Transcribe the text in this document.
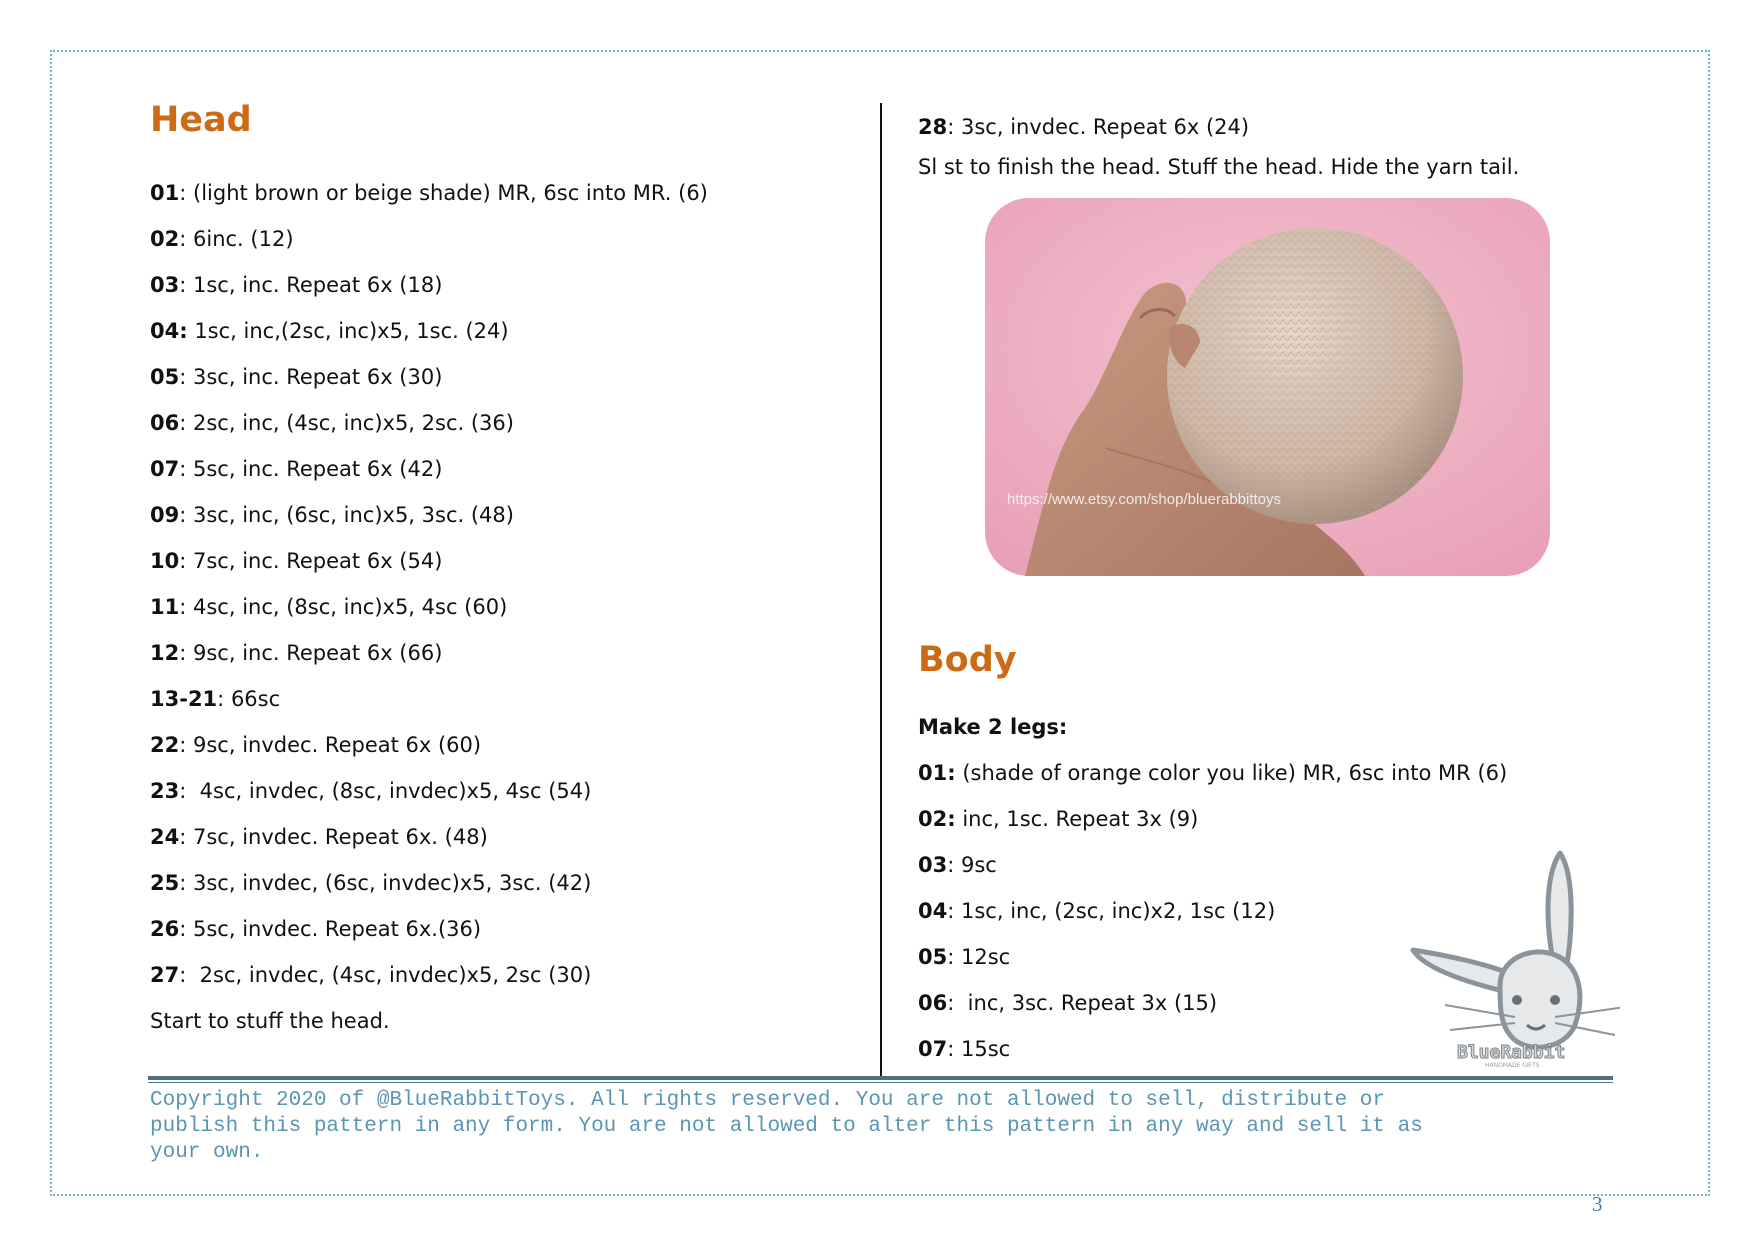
Head
01: (light brown or beige shade) MR, 6sc into MR. (6)
02: 6inc. (12)
03: 1sc, inc. Repeat 6x (18)
04: 1sc, inc,(2sc, inc)x5, 1sc. (24)
05: 3sc, inc. Repeat 6x (30)
06: 2sc, inc, (4sc, inc)x5, 2sc. (36)
07: 5sc, inc. Repeat 6x (42)
09: 3sc, inc, (6sc, inc)x5, 3sc. (48)
10: 7sc, inc. Repeat 6x (54)
11: 4sc, inc, (8sc, inc)x5, 4sc (60)
12: 9sc, inc. Repeat 6x (66)
13-21: 66sc
22: 9sc, invdec. Repeat 6x (60)
23:  4sc, invdec, (8sc, invdec)x5, 4sc (54)
24: 7sc, invdec. Repeat 6x. (48)
25: 3sc, invdec, (6sc, invdec)x5, 3sc. (42)
26: 5sc, invdec. Repeat 6x.(36)
27:  2sc, invdec, (4sc, invdec)x5, 2sc (30)
Start to stuff the head.
28: 3sc, invdec. Repeat 6x (24)
Sl st to finish the head. Stuff the head. Hide the yarn tail.
https://www.etsy.com/shop/bluerabbittoys
Body
Make 2 legs:
01: (shade of orange color you like) MR, 6sc into MR (6)
02: inc, 1sc. Repeat 3x (9)
03: 9sc
04: 1sc, inc, (2sc, inc)x2, 1sc (12)
05: 12sc
06:  inc, 3sc. Repeat 3x (15)
07: 15sc	BlueRabbit
HANDMADE GIFTS
Copyright 2020 of @BlueRabbitToys. All rights reserved. You are not allowed to sell, distribute or
publish this pattern in any form. You are not allowed to alter this pattern in any way and sell it as
your own.
3
